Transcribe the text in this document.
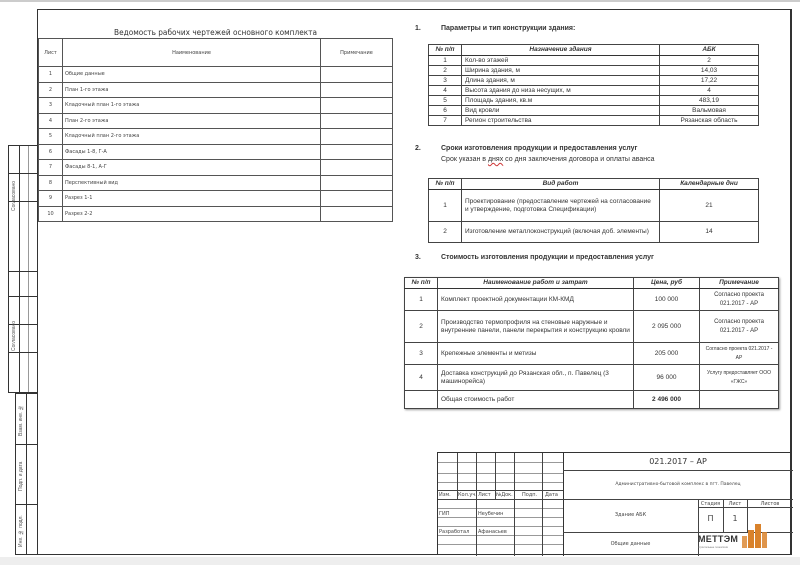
Согласовано
Согласовано
Взам. инв. №
Подп. и дата
Инв. № подл.
Ведомость рабочих чертежей основного комплекта
Лист	Наименование	Примечание
1	Общие данные	
2	План 1-го этажа	
3	Кладочный план 1-го этажа	
4	План 2-го этажа	
5	Кладочный план 2-го этажа	
6	Фасады 1-8, Г-А	
7	Фасады 8-1, А-Г	
8	Перспективный вид	
9	Разрез 1-1	
10	Разрез 2-2	
1.	Параметры и тип конструкции здания:
№ п/п	Назначение здания	АБК
1	Кол-во этажей	2
2	Ширина здания, м	14,03
3	Длина здания, м	17,22
4	Высота здания до низа несущих, м	4
5	Площадь здания, кв.м	483,19
6	Вид кровли	Вальмовая
7	Регион строительства	Рязанская область
2.	Сроки изготовления продукции и предоставления услуг
Срок указан в днях со дня заключения договора и оплаты аванса
№ п/п	Вид работ	Календарные дни
1	Проектирование (предоставление чертежей на согласование и утверждение, подготовка Спецификации)	21
2	Изготовление металлоконструкций (включая доб. элементы)	14
3.	Стоимость изготовления продукции и предоставления услуг
№ п/п	Наименование работ и затрат	Цена, руб	Примечание
1	Комплект проектной документации КМ-КМД	100 000	Согласно проекта 021.2017 - АР
2	Производство термопрофиля на стеновые наружные и внутренние панели, панели перекрытия и конструкцию кровли	2 095 000	Согласно проекта 021.2017 - АР
3	Крепежные элементы и метизы	205 000	Согласно проекта 021.2017 - АР
4	Доставка конструкций до Рязанская обл., п. Павелец (3 машинорейса)	96 000	Услугу предоставляет ООО «ГЖС»
	Общая стоимость работ	2 496 000	
Изм. Кол.уч. Лист №Док. Подп. Дата
ГИП	Неубечин
Разработал Афанасьев
021.2017 – АР
Административно-бытовой комплекс в пгт. Павелец
Здание АБК
Общие данные
Стадия	Лист	Листов
П	1
МЕТТЭМ
строительные технологии
